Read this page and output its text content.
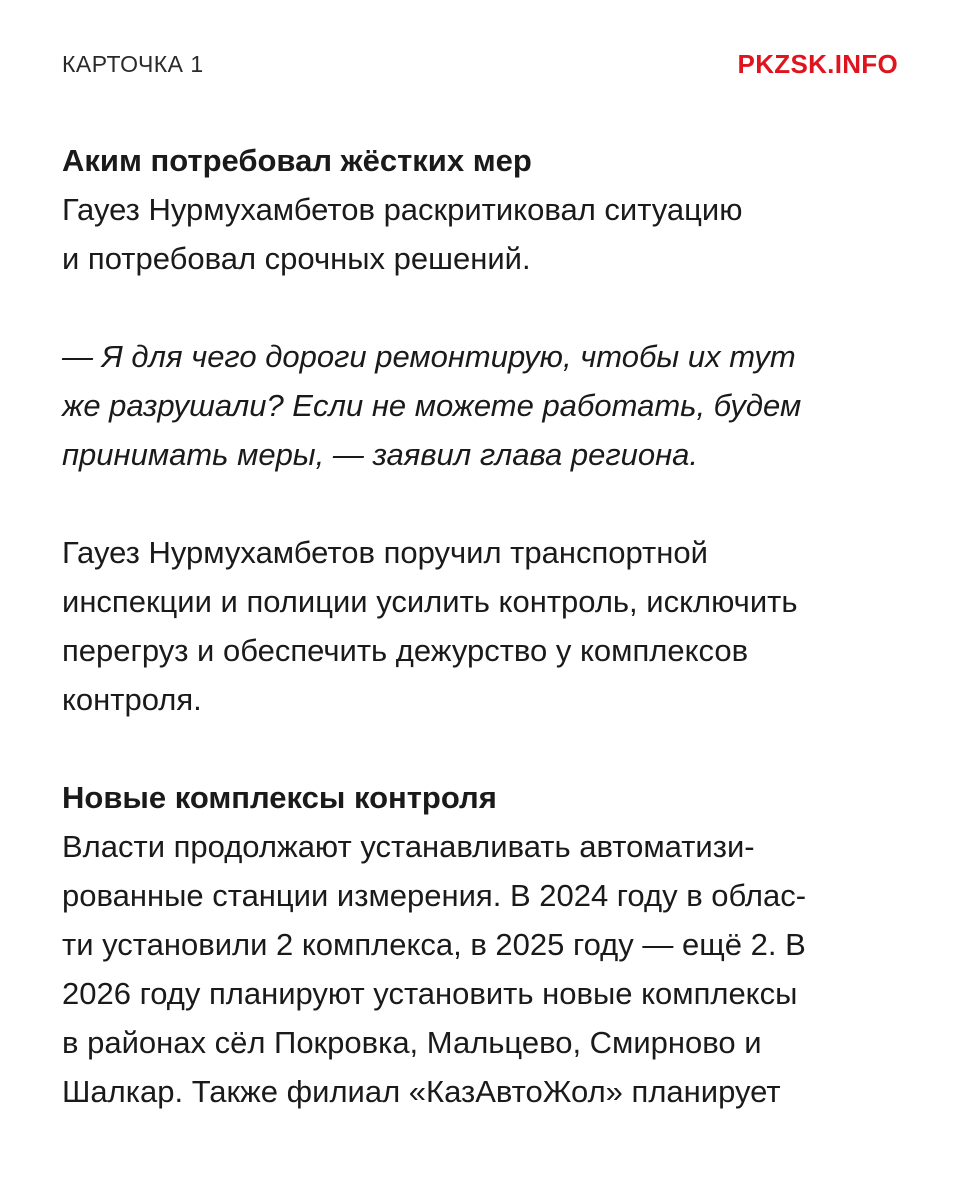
КАРТОЧКА 1	PKZSK.INFO

Аким потребовал жёстких мер

Гауез Нурмухамбетов раскритиковал ситуацию

и потребовал срочных решений.

— Я для чего дороги ремонтирую, чтобы их тут

же разрушали? Если не можете работать, будем

принимать меры, — заявил глава региона.

Гауез Нурмухамбетов поручил транспортной

инспекции и полиции усилить контроль, исключить

перегруз и обеспечить дежурство у комплексов

контроля.

Новые комплексы контроля

Власти продолжают устанавливать автоматизи-

рованные станции измерения. В 2024 году в облас-

ти установили 2 комплекса, в 2025 году — ещё 2. В

2026 году планируют установить новые комплексы

в районах сёл Покровка, Мальцево, Смирново и

Шалкар. Также филиал «КазАвтоЖол» планирует
